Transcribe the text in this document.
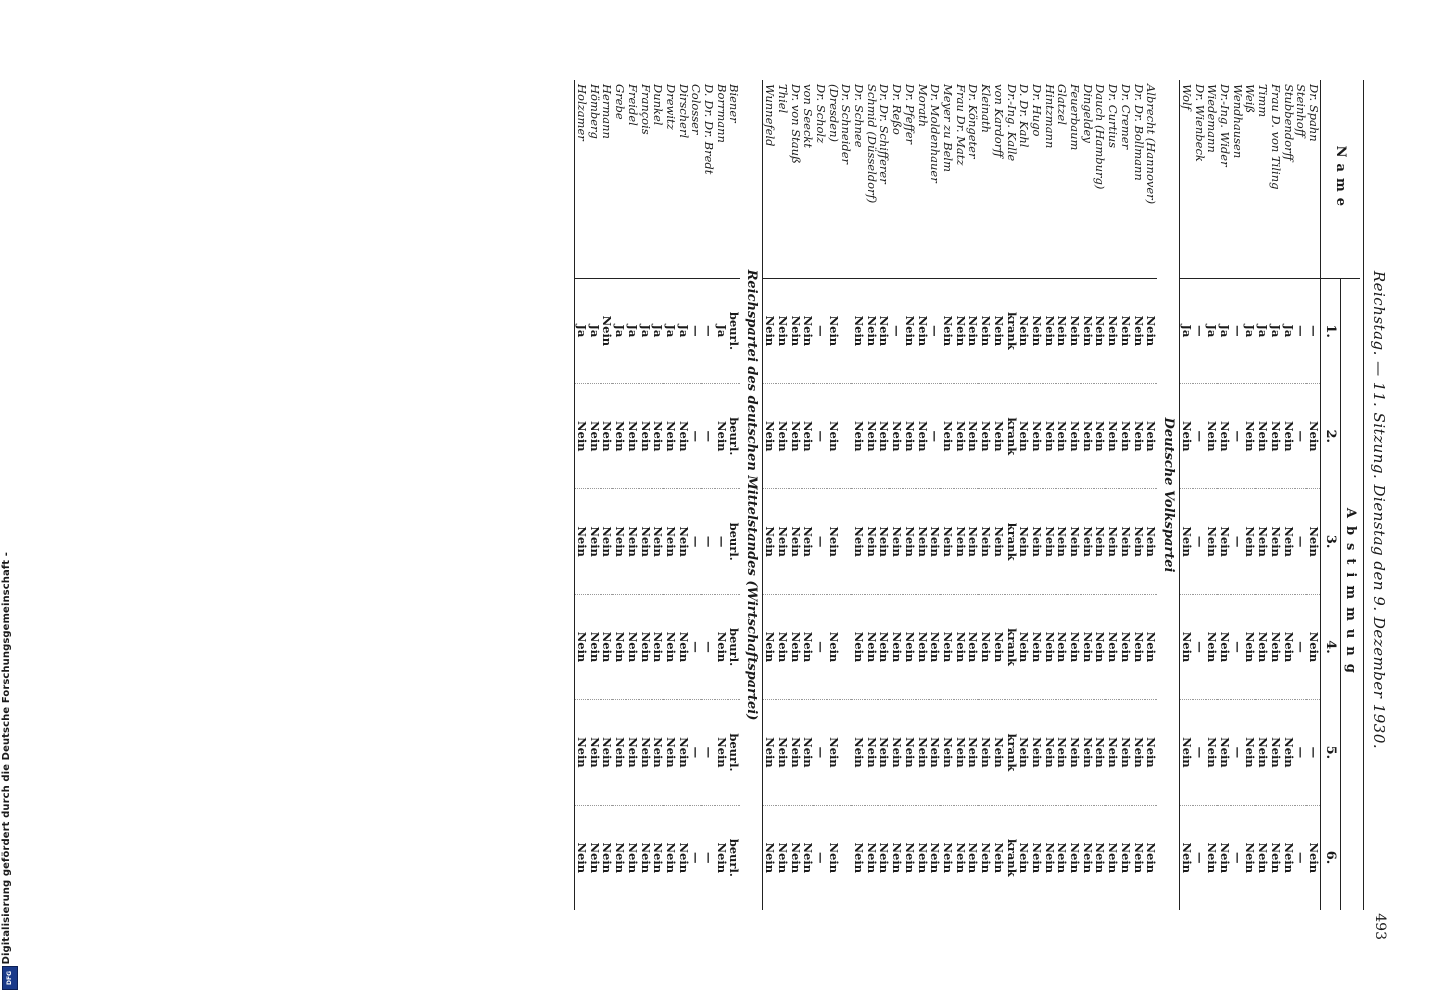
Reichstag. — 11. Sitzung. Dienstag den 9. Dezember 1930.
493
Name	Abstimmung					
	1.	2.	3.	4.	5.	6.
Dr. Spahn	—	Nein	Nein	Nein	—	Nein
Steinhoff	—	—	—	—	—	—
Stubbendorff	Ja	Nein	Nein	Nein	Nein	Nein
Frau D. von Tiling	Ja	Nein	Nein	Nein	Nein	Nein
Timm	Ja	Nein	Nein	Nein	Nein	Nein
Weiß	Ja	Nein	Nein	Nein	Nein	Nein
Wendhausen	—	—	—	—	—	—
Dr.-Ing. Wider	Ja	Nein	Nein	Nein	Nein	Nein
Wiedemann	Ja	Nein	Nein	Nein	Nein	Nein
Dr. Wienbeck	—	—	—	—	—	—
Wolf	Ja	Nein	Nein	Nein	Nein	Nein
Deutsche Volkspartei						
Albrecht (Hannover)	Nein	Nein	Nein	Nein	Nein	Nein
Dr. Dr. Bollmann	Nein	Nein	Nein	Nein	Nein	Nein
Dr. Cremer	Nein	Nein	Nein	Nein	Nein	Nein
Dr. Curtius	Nein	Nein	Nein	Nein	Nein	Nein
Dauch (Hamburg)	Nein	Nein	Nein	Nein	Nein	Nein
Dingeldey	Nein	Nein	Nein	Nein	Nein	Nein
Feuerbaum	Nein	Nein	Nein	Nein	Nein	Nein
Glatzel	Nein	Nein	Nein	Nein	Nein	Nein
Hintzmann	Nein	Nein	Nein	Nein	Nein	Nein
Dr. Hugo	Nein	Nein	Nein	Nein	Nein	Nein
D. Dr. Kahl	Nein	Nein	Nein	Nein	Nein	Nein
Dr.-Ing. Kalle	krank	krank	krank	krank	krank	krank
von Kardorff	Nein	Nein	Nein	Nein	Nein	Nein
Kleinath	Nein	Nein	Nein	Nein	Nein	Nein
Dr. Köngeter	Nein	Nein	Nein	Nein	Nein	Nein
Frau Dr. Matz	Nein	Nein	Nein	Nein	Nein	Nein
Meyer zu Belm	Nein	Nein	Nein	Nein	Nein	Nein
Dr. Moldenhauer	—	—	Nein	Nein	Nein	Nein
Morath	Nein	Nein	Nein	Nein	Nein	Nein
Dr. Pfeffer	Nein	Nein	Nein	Nein	Nein	Nein
Dr. Reßo	—	Nein	Nein	Nein	Nein	Nein
Dr. Dr. Schifferer	Nein	Nein	Nein	Nein	Nein	Nein
Schmid (Düsseldorf)	Nein	Nein	Nein	Nein	Nein	Nein
Dr. Schnee	Nein	Nein	Nein	Nein	Nein	Nein
Dr. Schneider						
(Dresden)	Nein	Nein	Nein	Nein	Nein	Nein
Dr. Scholz	—	—	—	—	—	—
von Seeckt	Nein	Nein	Nein	Nein	Nein	Nein
Dr. von Stauß	Nein	Nein	Nein	Nein	Nein	Nein
Thiel	Nein	Nein	Nein	Nein	Nein	Nein
Wunnefeld	Nein	Nein	Nein	Nein	Nein	Nein
Reichspartei des deutschen Mittelstandes (Wirtschaftspartei)						
Biener	beurl.	beurl.	beurl.	beurl.	beurl.	beurl.
Borrmann	Ja	Nein	—	Nein	Nein	Nein
D. Dr. Dr. Bredt	—	—	—	—	—	—
Colosser	—	—	—	—	—	—
Dirscherl	Ja	Nein	Nein	Nein	Nein	Nein
Drewitz	Ja	Nein	Nein	Nein	Nein	Nein
Dunkel	Ja	Nein	Nein	Nein	Nein	Nein
François	Ja	Nein	Nein	Nein	Nein	Nein
Freidel	Ja	Nein	Nein	Nein	Nein	Nein
Grebe	Ja	Nein	Nein	Nein	Nein	Nein
Hermann	Nein	Nein	Nein	Nein	Nein	Nein
Hömberg	Ja	Nein	Nein	Nein	Nein	Nein
Holzamer	Ja	Nein	Nein	Nein	Nein	Nein
Digitalisierung gefördert durch die Deutsche Forschungsgemeinschaft -
DFG
